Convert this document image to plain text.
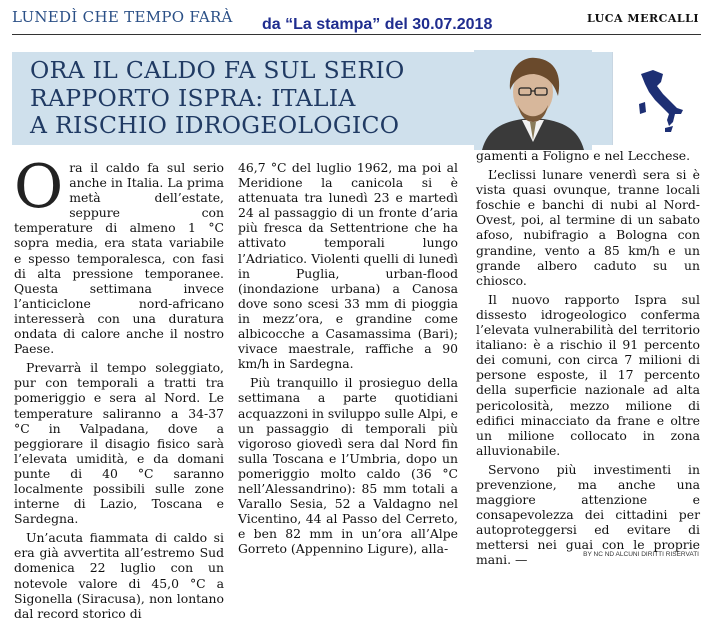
LUNEDÌ CHE TEMPO FARÀ da “La stampa” del 30.07.2018	LUCA MERCALLI
ORA IL CALDO FA SUL SERIO
RAPPORTO ISPRA: ITALIA
A RISCHIO IDROGEOLOGICO

Ora il caldo fa sul serio anche in Italia. La prima metà dell’estate, seppure con temperature di almeno 1 °C sopra media, era stata variabile e spesso temporalesca, con fasi di alta pressione temporanee. Questa settimana invece l’anticiclone nord-africano interesserà con una duratura ondata di calore anche il nostro Paese.

Prevarrà il tempo soleggiato, pur con temporali a tratti tra pomeriggio e sera al Nord. Le temperature saliranno a 34-37 °C in Valpadana, dove a peggiorare il disagio fisico sarà l’elevata umidità, e da domani punte di 40 °C saranno localmente possibili sulle zone interne di Lazio, Toscana e Sardegna.

Un’acuta fiammata di caldo si era già avvertita all’estremo Sud domenica 22 luglio con un notevole valore di 45,0 °C a Sigonella (Siracusa), non lontano dal record storico di

46,7 °C del luglio 1962, ma poi al Meridione la canicola si è attenuata tra lunedì 23 e martedì 24 al passaggio di un fronte d’aria più fresca da Settentrione che ha attivato temporali lungo l’Adriatico. Violenti quelli di lunedì in Puglia, urban-flood (inondazione urbana) a Canosa dove sono scesi 33 mm di pioggia in mezz’ora, e grandine come albicocche a Casamassima (Bari); vivace maestrale, raffiche a 90 km/h in Sardegna.

Più tranquillo il prosieguo della settimana a parte quotidiani acquazzoni in sviluppo sulle Alpi, e un passaggio di temporali più vigoroso giovedì sera dal Nord fin sulla Toscana e l’Umbria, dopo un pomeriggio molto caldo (36 °C nell’Alessandrino): 85 mm totali a Varallo Sesia, 52 a Valdagno nel Vicentino, 44 al Passo del Cerreto, e ben 82 mm in un’ora all’Alpe Gorreto (Appennino Ligure), alla-

gamenti a Foligno e nel Lecchese.

L’eclissi lunare venerdì sera si è vista quasi ovunque, tranne locali foschie e banchi di nubi al Nord-Ovest, poi, al termine di un sabato afoso, nubifragio a Bologna con grandine, vento a 85 km/h e un grande albero caduto su un chiosco.

Il nuovo rapporto Ispra sul dissesto idrogeologico conferma l’elevata vulnerabilità del territorio italiano: è a rischio il 91 percento dei comuni, con circa 7 milioni di persone esposte, il 17 percento della superficie nazionale ad alta pericolosità, mezzo milione di edifici minacciato da frane e oltre un milione collocato in zona alluvionabile.

Servono più investimenti in prevenzione, ma anche una maggiore attenzione e consapevolezza dei cittadini per autoproteggersi ed evitare di mettersi nei guai con le proprie mani. —	BY NC ND ALCUNI DIRITTI RISERVATI
